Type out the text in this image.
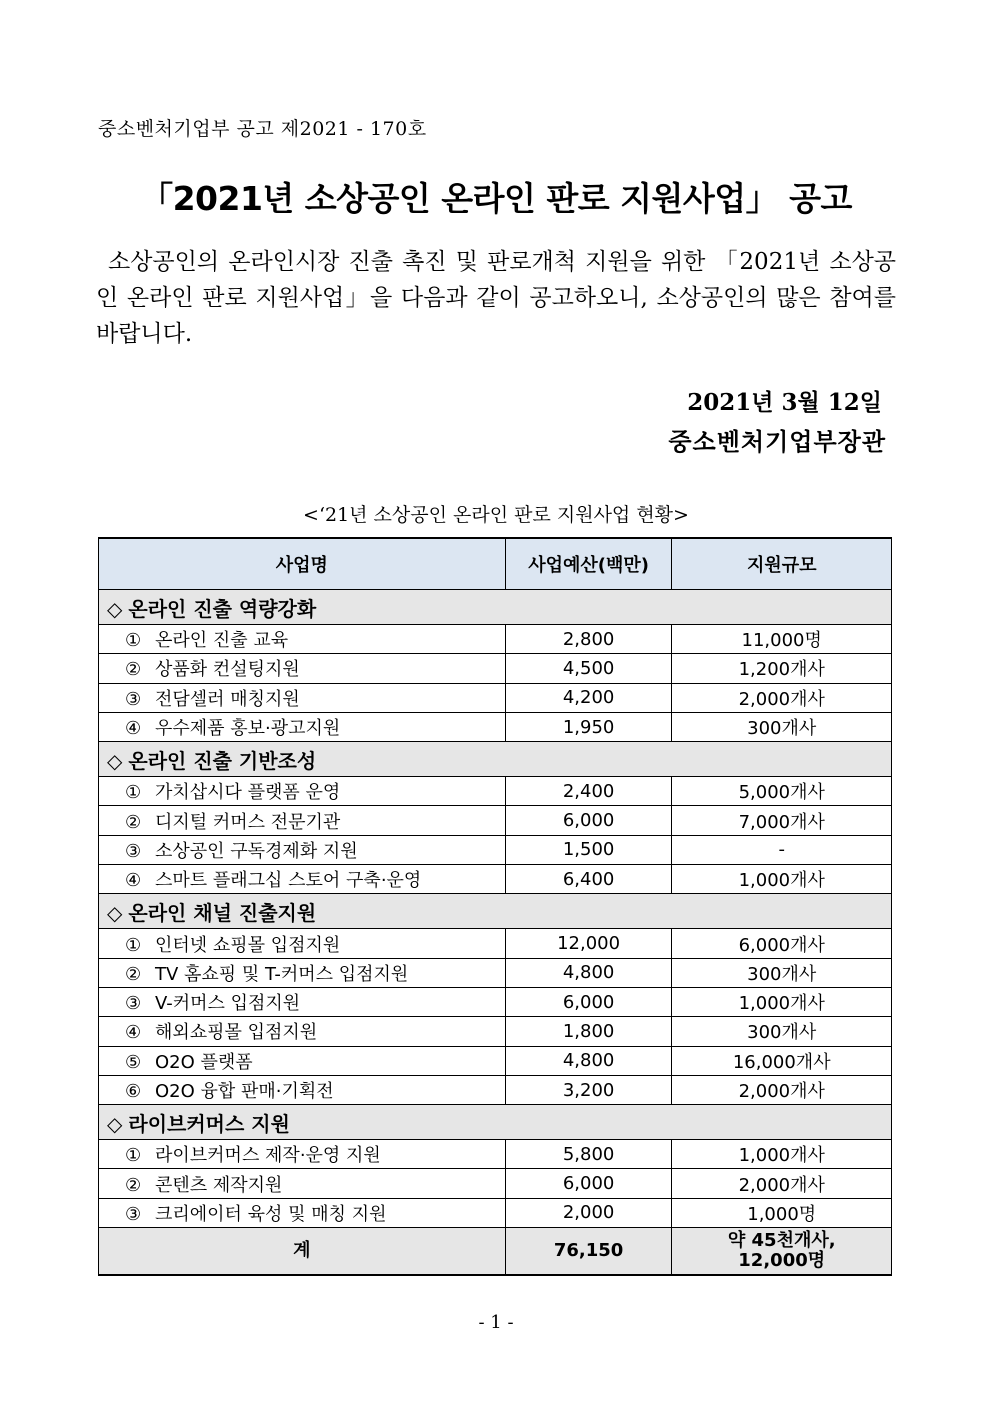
중소벤처기업부 공고 제2021 - 170호
「2021년 소상공인 온라인 판로 지원사업」 공고
소상공인의 온라인시장 진출 촉진 및 판로개척 지원을 위한 「2021년 소상공인 온라인 판로 지원사업」을 다음과 같이 공고하오니, 소상공인의 많은 참여를 바랍니다.
2021년 3월 12일
중소벤처기업부장관
<‘21년 소상공인 온라인 판로 지원사업 현황>
사업명	사업예산(백만)	지원규모
◇ 온라인 진출 역량강화		
① 온라인 진출 교육	2,800	11,000명
② 상품화 컨설팅지원	4,500	1,200개사
③ 전담셀러 매칭지원	4,200	2,000개사
④ 우수제품 홍보·광고지원	1,950	300개사
◇ 온라인 진출 기반조성		
① 가치삽시다 플랫폼 운영	2,400	5,000개사
② 디지털 커머스 전문기관	6,000	7,000개사
③ 소상공인 구독경제화 지원	1,500	-
④ 스마트 플래그십 스토어 구축·운영	6,400	1,000개사
◇ 온라인 채널 진출지원		
① 인터넷 쇼핑몰 입점지원	12,000	6,000개사
② TV 홈쇼핑 및 T-커머스 입점지원	4,800	300개사
③ V-커머스 입점지원	6,000	1,000개사
④ 해외쇼핑몰 입점지원	1,800	300개사
⑤ O2O 플랫폼	4,800	16,000개사
⑥ O2O 융합 판매·기획전	3,200	2,000개사
◇ 라이브커머스 지원		
① 라이브커머스 제작·운영 지원	5,800	1,000개사
② 콘텐츠 제작지원	6,000	2,000개사
③ 크리에이터 육성 및 매칭 지원	2,000	1,000명
계	76,150	약 45천개사,
12,000명
- 1 -
